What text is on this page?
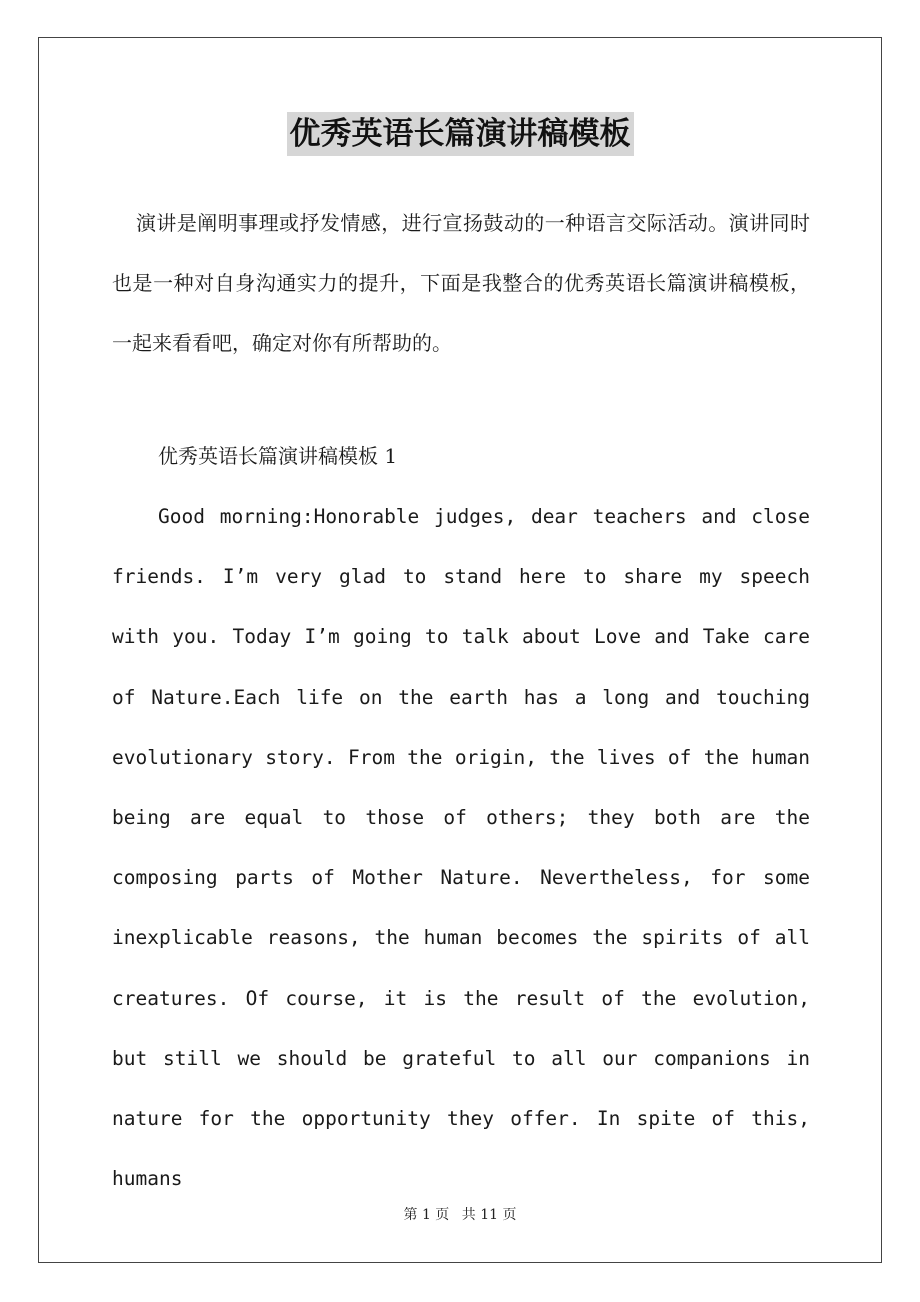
优秀英语长篇演讲稿模板

演讲是阐明事理或抒发情感，进行宣扬鼓动的一种语言交际活动。演讲同时也是一种对自身沟通实力的提升，下面是我整合的优秀英语长篇演讲稿模板，一起来看看吧，确定对你有所帮助的。

优秀英语长篇演讲稿模板 1

Good morning:Honorable judges, dear teachers and close friends. I’m very glad to stand here to share my speech with you. Today I’m going to talk about Love and Take care of Nature.Each life on the earth has a long and touching evolutionary story. From the origin, the lives of the human being are equal to those of others; they both are the composing parts of Mother Nature. Nevertheless, for some inexplicable reasons, the human becomes the spirits of all creatures. Of course, it is the result of the evolution, but still we should be grateful to all our companions in nature for the opportunity they offer. In spite of this, humans

第 1 页 共 11 页
